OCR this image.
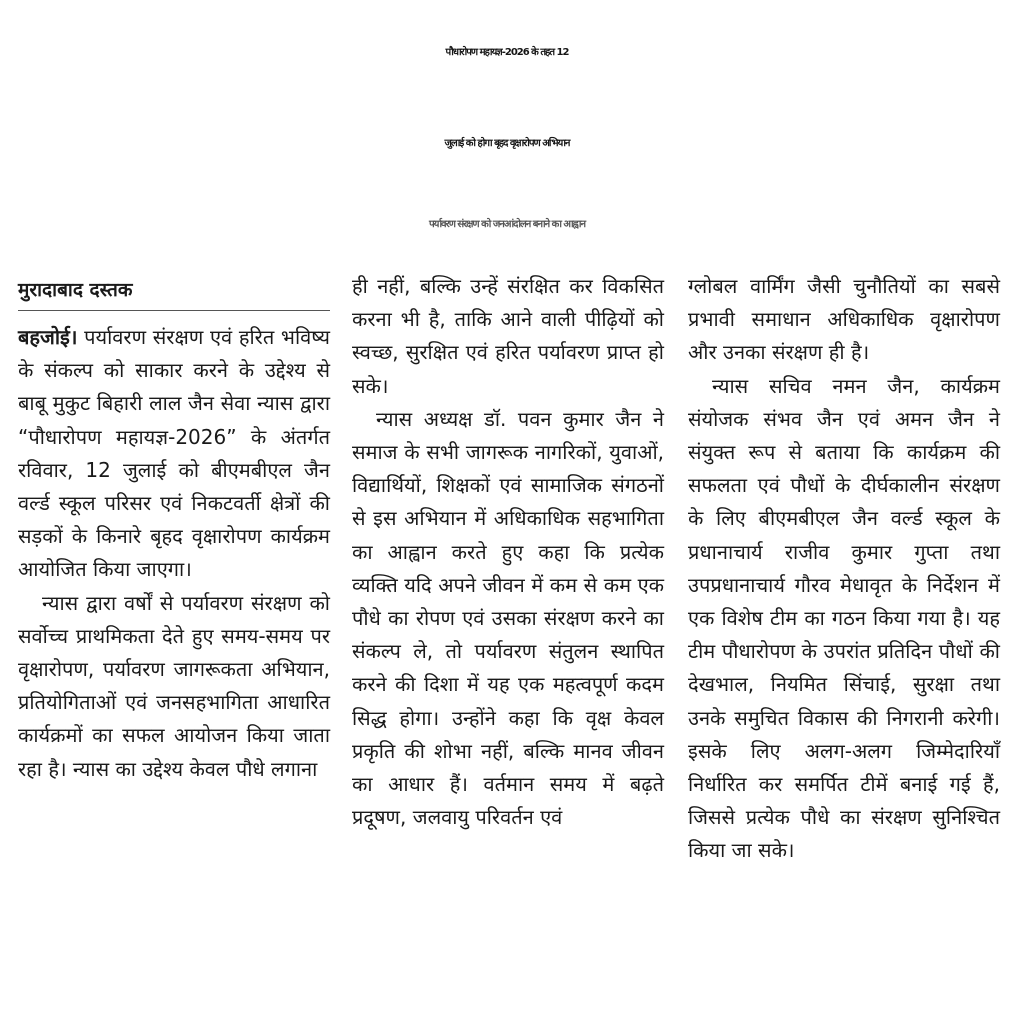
पौधारोपण महायज्ञ-2026 के तहत 12
जुलाई को होगा बृहद वृक्षारोपण अभियान
पर्यावरण संरक्षण को जनआंदोलन बनाने का आह्वान
मुरादाबाद दस्तक

बहजोई। पर्यावरण संरक्षण एवं हरित भविष्य के संकल्प को साकार करने के उद्देश्य से बाबू मुकुट बिहारी लाल जैन सेवा न्यास द्वारा “पौधारोपण महायज्ञ-2026” के अंतर्गत रविवार, 12 जुलाई को बीएमबीएल जैन वर्ल्ड स्कूल परिसर एवं निकटवर्ती क्षेत्रों की सड़कों के किनारे बृहद वृक्षारोपण कार्यक्रम आयोजित किया जाएगा।

न्यास द्वारा वर्षों से पर्यावरण संरक्षण को सर्वोच्च प्राथमिकता देते हुए समय-समय पर वृक्षारोपण, पर्यावरण जागरूकता अभियान, प्रतियोगिताओं एवं जनसहभागिता आधारित कार्यक्रमों का सफल आयोजन किया जाता रहा है। न्यास का उद्देश्य केवल पौधे लगाना

ही नहीं, बल्कि उन्हें संरक्षित कर विकसित करना भी है, ताकि आने वाली पीढ़ियों को स्वच्छ, सुरक्षित एवं हरित पर्यावरण प्राप्त हो सके।

न्यास अध्यक्ष डॉ. पवन कुमार जैन ने समाज के सभी जागरूक नागरिकों, युवाओं, विद्यार्थियों, शिक्षकों एवं सामाजिक संगठनों से इस अभियान में अधिकाधिक सहभागिता का आह्वान करते हुए कहा कि प्रत्येक व्यक्ति यदि अपने जीवन में कम से कम एक पौधे का रोपण एवं उसका संरक्षण करने का संकल्प ले, तो पर्यावरण संतुलन स्थापित करने की दिशा में यह एक महत्वपूर्ण कदम सिद्ध होगा। उन्होंने कहा कि वृक्ष केवल प्रकृति की शोभा नहीं, बल्कि मानव जीवन का आधार हैं। वर्तमान समय में बढ़ते प्रदूषण, जलवायु परिवर्तन एवं

ग्लोबल वार्मिंग जैसी चुनौतियों का सबसे प्रभावी समाधान अधिकाधिक वृक्षारोपण और उनका संरक्षण ही है।

न्यास सचिव नमन जैन, कार्यक्रम संयोजक संभव जैन एवं अमन जैन ने संयुक्त रूप से बताया कि कार्यक्रम की सफलता एवं पौधों के दीर्घकालीन संरक्षण के लिए बीएमबीएल जैन वर्ल्ड स्कूल के प्रधानाचार्य राजीव कुमार गुप्ता तथा उपप्रधानाचार्य गौरव मेधावृत के निर्देशन में एक विशेष टीम का गठन किया गया है। यह टीम पौधारोपण के उपरांत प्रतिदिन पौधों की देखभाल, नियमित सिंचाई, सुरक्षा तथा उनके समुचित विकास की निगरानी करेगी। इसके लिए अलग-अलग जिम्मेदारियाँ निर्धारित कर समर्पित टीमें बनाई गई हैं, जिससे प्रत्येक पौधे का संरक्षण सुनिश्चित किया जा सके।
